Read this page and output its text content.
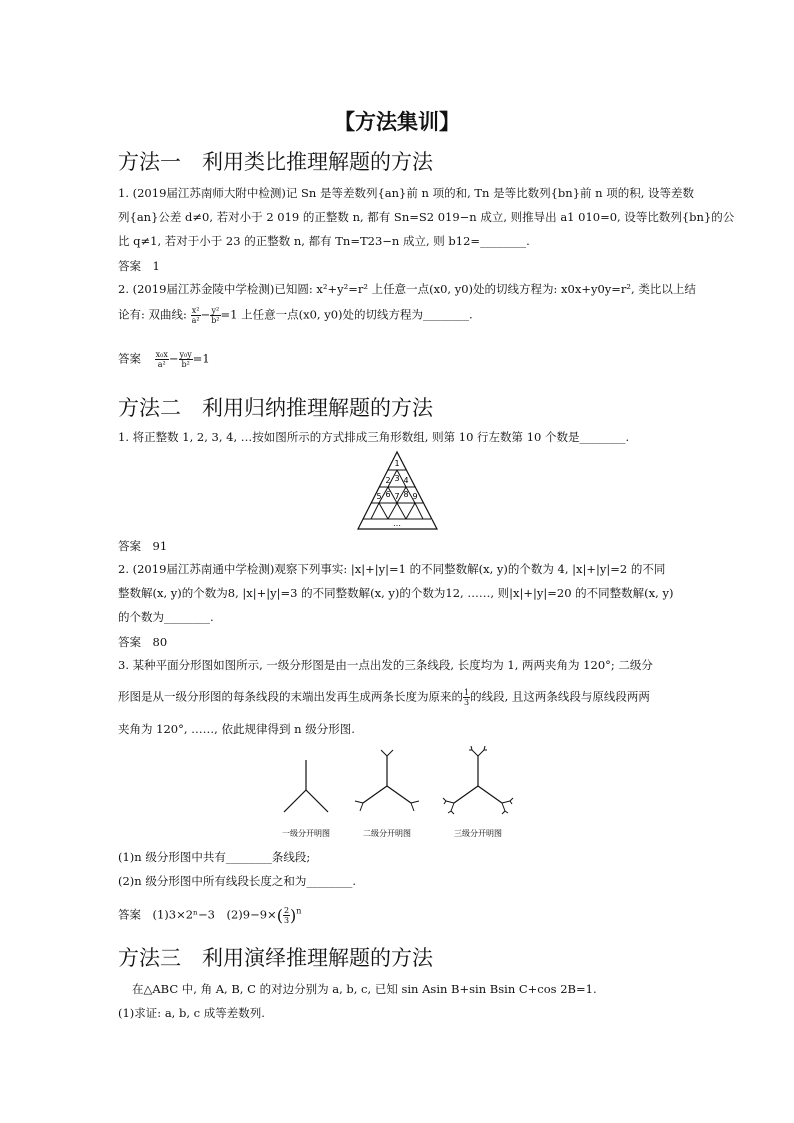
【方法集训】
方法一　利用类比推理解题的方法
1. (2019届江苏南师大附中检测)记 Sn 是等差数列{an}前 n 项的和, Tn 是等比数列{bn}前 n 项的积, 设等差数
列{an}公差 d≠0, 若对小于 2 019 的正整数 n, 都有 Sn=S2 019−n 成立, 则推导出 a1 010=0, 设等比数列{bn}的公
比 q≠1, 若对于小于 23 的正整数 n, 都有 Tn=T23−n 成立, 则 b12=________.
答案　1
2. (2019届江苏金陵中学检测)已知圆: x²+y²=r² 上任意一点(x0, y0)处的切线方程为: x0x+y0y=r², 类比以上结
论有: 双曲线: $\frac{\text{x²}}{\text{a²}} - \frac{\text{y²}}{\text{b²}} =1$ 上任意一点(x0, y0)处的切线方程为________.
答案 $\frac{\text{x₀x}}{\text{a²}} - \frac{\text{y₀y}}{\text{b²}} =1$
方法二　利用归纳推理解题的方法
1. 将正整数 1, 2, 3, 4, …按如图所示的方式排成三角形数组, 则第 10 行左数第 10 个数是________.
1
2 3 4
5 6 7 8 9
…
答案　91
2. (2019届江苏南通中学检测)观察下列事实: |x|+|y|=1 的不同整数解(x, y)的个数为 4, |x|+|y|=2 的不同
整数解(x, y)的个数为8, |x|+|y|=3 的不同整数解(x, y)的个数为12, ……, 则|x|+|y|=20 的不同整数解(x, y)
的个数为________.
答案　80
3. 某种平面分形图如图所示, 一级分形图是由一点出发的三条线段, 长度均为 1, 两两夹角为 120°; 二级分
形图是从一级分形图的每条线段的末端出发再生成两条长度为原来的 $\frac{1}{3}$ 的线段, 且这两条线段与原线段两两
夹角为 120°, ……, 依此规律得到 n 级分形图.
一级分开明图	二级分开明图	三级分开明图
(1)n 级分形图中共有________条线段;
(2)n 级分形图中所有线段长度之和为________.
答案　(1)3×2ⁿ−3　$(2)9-9\times( \frac{2}{3} )^n$
方法三　利用演绎推理解题的方法
在△ABC 中, 角 A, B, C 的对边分别为 a, b, c, 已知 sin Asin B+sin Bsin C+cos 2B=1.
(1)求证: a, b, c 成等差数列.
